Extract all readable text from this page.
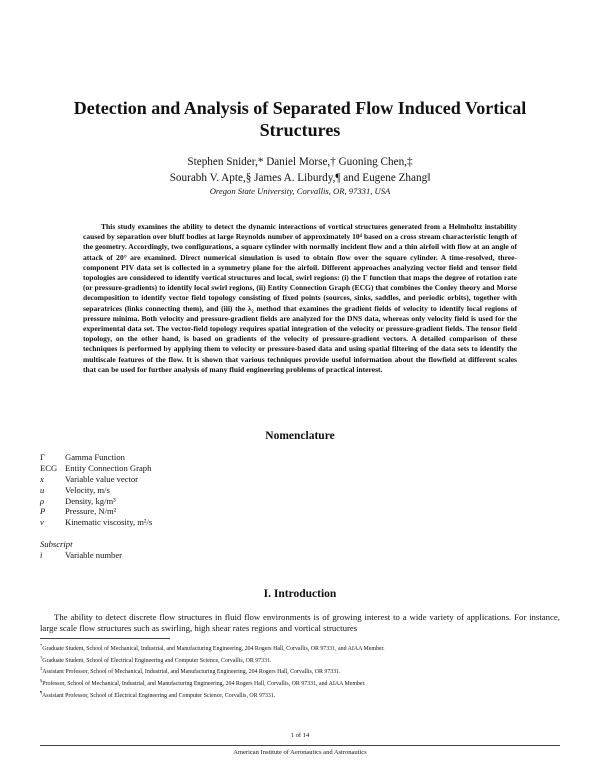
Detection and Analysis of Separated Flow Induced Vortical Structures
Stephen Snider,* Daniel Morse,† Guoning Chen,‡
Sourabh V. Apte,§ James A. Liburdy,¶ and Eugene Zhang‖
Oregon State University, Corvallis, OR, 97331, USA

This study examines the ability to detect the dynamic interactions of vortical structures generated from a Helmholtz instability caused by separation over bluff bodies at large Reynolds number of approximately 10⁴ based on a cross stream characteristic length of the geometry. Accordingly, two configurations, a square cylinder with normally incident flow and a thin airfoil with flow at an angle of attack of 20° are examined. Direct numerical simulation is used to obtain flow over the square cylinder. A time-resolved, three-component PIV data set is collected in a symmetry plane for the airfoil. Different approaches analyzing vector field and tensor field topologies are considered to identify vortical structures and local, swirl regions: (i) the Γ function that maps the degree of rotation rate (or pressure-gradients) to identify local swirl regions, (ii) Entity Connection Graph (ECG) that combines the Conley theory and Morse decomposition to identify vector field topology consisting of fixed points (sources, sinks, saddles, and periodic orbits), together with separatrices (links connecting them), and (iii) the λ₂ method that examines the gradient fields of velocity to identify local regions of pressure minima. Both velocity and pressure-gradient fields are analyzed for the DNS data, whereas only velocity field is used for the experimental data set. The vector-field topology requires spatial integration of the velocity or pressure-gradient fields. The tensor field topology, on the other hand, is based on gradients of the velocity of pressure-gradient vectors. A detailed comparison of these techniques is performed by applying them to velocity or pressure-based data and using spatial filtering of the data sets to identify the multiscale features of the flow. It is shown that various techniques provide useful information about the flowfield at different scales that can be used for further analysis of many fluid engineering problems of practical interest.

Nomenclature
Γ	Gamma Function
ECG Entity Connection Graph
x	Variable value vector
u	Velocity, m/s
ρ	Density, kg/m³
P	Pressure, N/m²
ν	Kinematic viscosity, m²/s
Subscript
i	Variable number
I. Introduction

The ability to detect discrete flow structures in fluid flow environments is of growing interest to a wide variety of applications. For instance, large scale flow structures such as swirling, high shear rates regions and vortical structures

*Graduate Student, School of Mechanical, Industrial, and Manufacturing Engineering, 204 Rogers Hall, Corvallis, OR 97331, and AIAA Member.
†Graduate Student, School of Electrical Engineering and Computer Science, Corvallis, OR 97331.
‡Assistant Professor, School of Mechanical, Industrial, and Manufacturing Engineering, 204 Rogers Hall, Corvallis, OR 97331.
§Professor, School of Mechanical, Industrial, and Manufacturing Engineering, 204 Rogers Hall, Corvallis, OR 97331, and AIAA Member.
¶Assistant Professor, School of Electrical Engineering and Computer Science, Corvallis, OR 97331.
1 of 14
American Institute of Aeronautics and Astronautics
